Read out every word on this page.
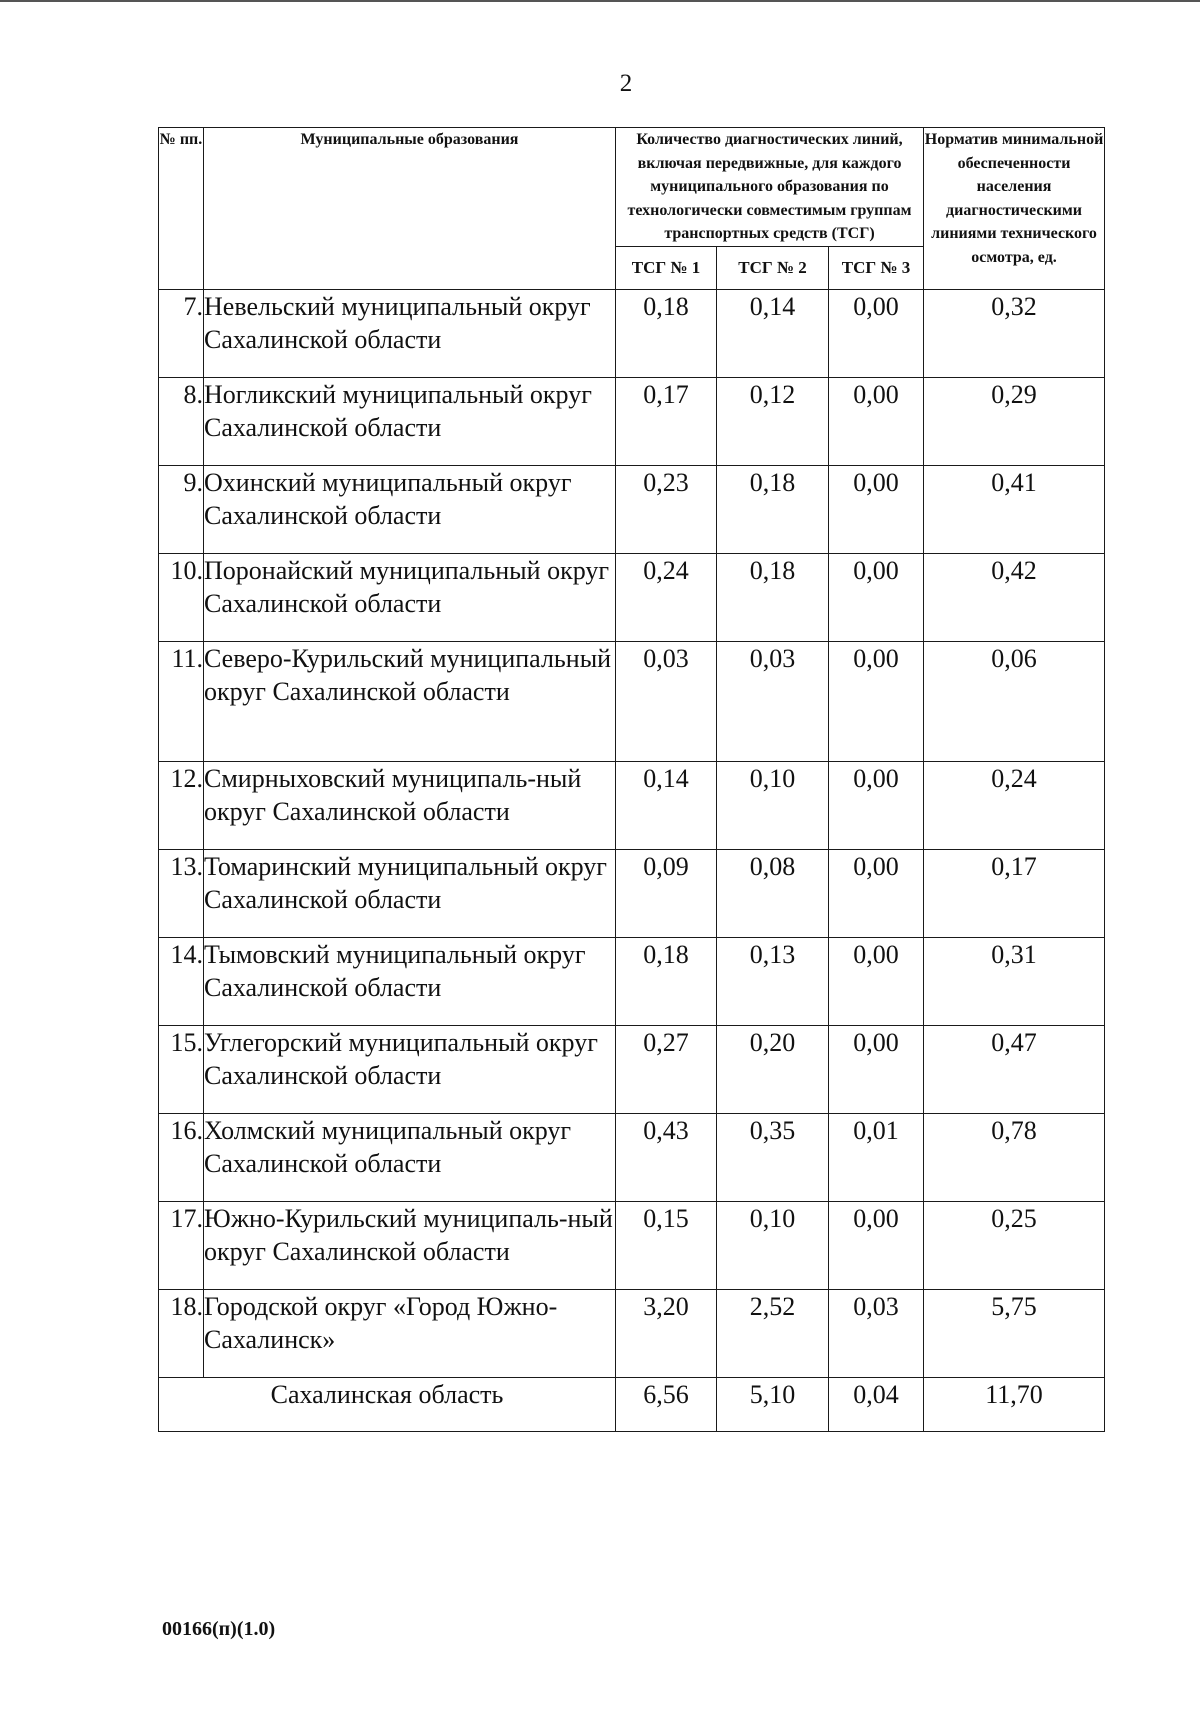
2
№ пп.	Муниципальные образования	Количество диагностических линий, включая передвижные, для каждого муниципального образования по технологически совместимым группам транспортных средств (ТСГ)			Норматив минимальной обеспеченности населения диагностическими линиями технического осмотра, ед.
		ТСГ № 1	ТСГ № 2	ТСГ № 3	
7.	Невельский муниципальный округ Сахалинской области	0,18	0,14	0,00	0,32
8.	Ногликский муниципальный округ Сахалинской области	0,17	0,12	0,00	0,29
9.	Охинский муниципальный округ Сахалинской области	0,23	0,18	0,00	0,41
10.	Поронайский муниципальный округ Сахалинской области	0,24	0,18	0,00	0,42
11.	Северо-Курильский муниципальный округ Сахалинской области	0,03	0,03	0,00	0,06
12.	Смирныховский муниципаль-ный округ Сахалинской области	0,14	0,10	0,00	0,24
13.	Томаринский муниципальный округ Сахалинской области	0,09	0,08	0,00	0,17
14.	Тымовский муниципальный округ Сахалинской области	0,18	0,13	0,00	0,31
15.	Углегорский муниципальный округ Сахалинской области	0,27	0,20	0,00	0,47
16.	Холмский муниципальный округ Сахалинской области	0,43	0,35	0,01	0,78
17.	Южно-Курильский муниципаль-ный округ Сахалинской области	0,15	0,10	0,00	0,25
18.	Городской округ «Город Южно-Сахалинск»	3,20	2,52	0,03	5,75
Сахалинская область		6,56	5,10	0,04	11,70
00166(п)(1.0)
